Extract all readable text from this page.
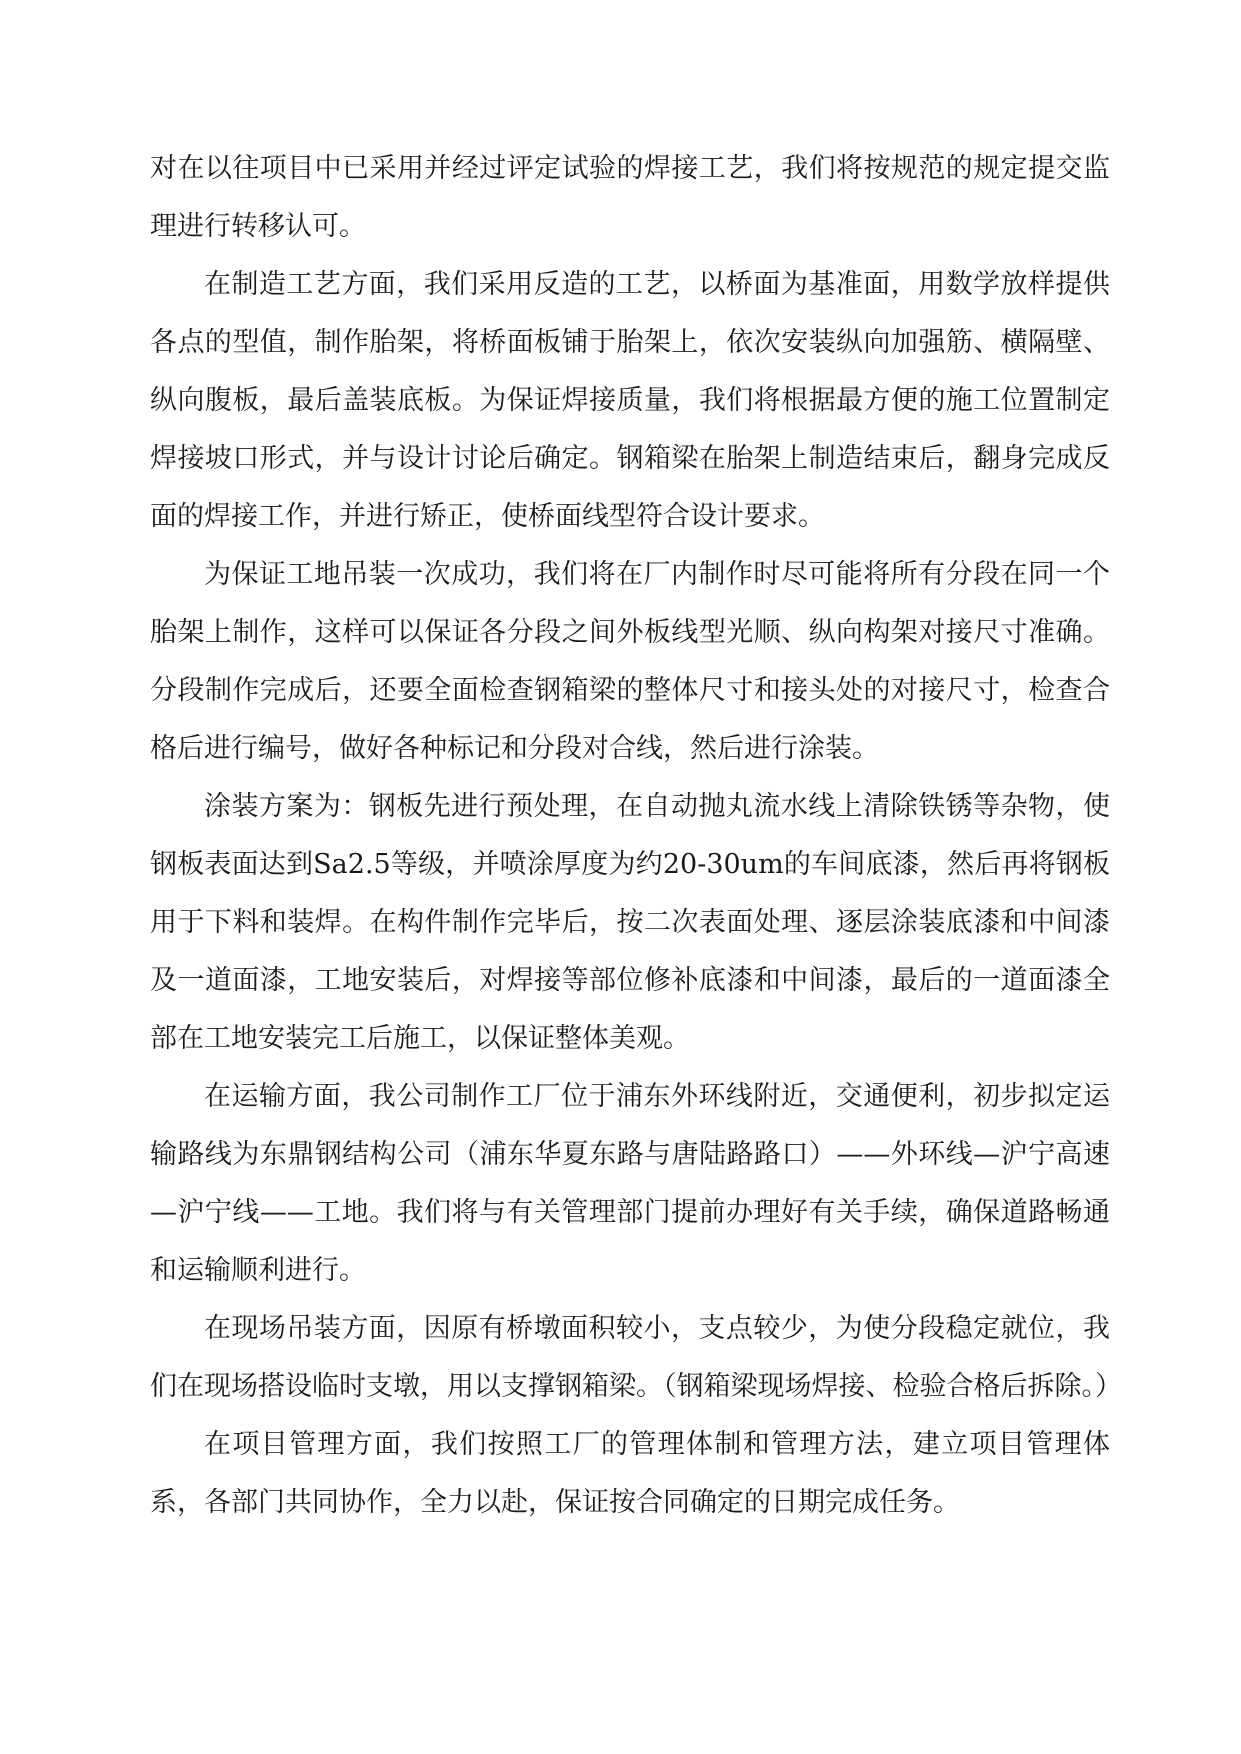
对在以往项目中已采用并经过评定试验的焊接工艺，我们将按规范的规定提交监理进行转移认可。

在制造工艺方面，我们采用反造的工艺，以桥面为基准面，用数学放样提供各点的型值，制作胎架，将桥面板铺于胎架上，依次安装纵向加强筋、横隔壁、纵向腹板，最后盖装底板。为保证焊接质量，我们将根据最方便的施工位置制定焊接坡口形式，并与设计讨论后确定。钢箱梁在胎架上制造结束后，翻身完成反面的焊接工作，并进行矫正，使桥面线型符合设计要求。

为保证工地吊装一次成功，我们将在厂内制作时尽可能将所有分段在同一个胎架上制作，这样可以保证各分段之间外板线型光顺、纵向构架对接尺寸准确。分段制作完成后，还要全面检查钢箱梁的整体尺寸和接头处的对接尺寸，检查合格后进行编号，做好各种标记和分段对合线，然后进行涂装。

涂装方案为：钢板先进行预处理，在自动抛丸流水线上清除铁锈等杂物，使钢板表面达到Sa2.5等级，并喷涂厚度为约20-30um的车间底漆，然后再将钢板用于下料和装焊。在构件制作完毕后，按二次表面处理、逐层涂装底漆和中间漆及一道面漆，工地安装后，对焊接等部位修补底漆和中间漆，最后的一道面漆全部在工地安装完工后施工，以保证整体美观。

在运输方面，我公司制作工厂位于浦东外环线附近，交通便利，初步拟定运输路线为东鼎钢结构公司（浦东华夏东路与唐陆路路口）——外环线—沪宁高速—沪宁线——工地。我们将与有关管理部门提前办理好有关手续，确保道路畅通和运输顺利进行。

在现场吊装方面，因原有桥墩面积较小，支点较少，为使分段稳定就位，我们在现场搭设临时支墩，用以支撑钢箱梁。（钢箱梁现场焊接、检验合格后拆除。）

在项目管理方面，我们按照工厂的管理体制和管理方法，建立项目管理体系，各部门共同协作，全力以赴，保证按合同确定的日期完成任务。
